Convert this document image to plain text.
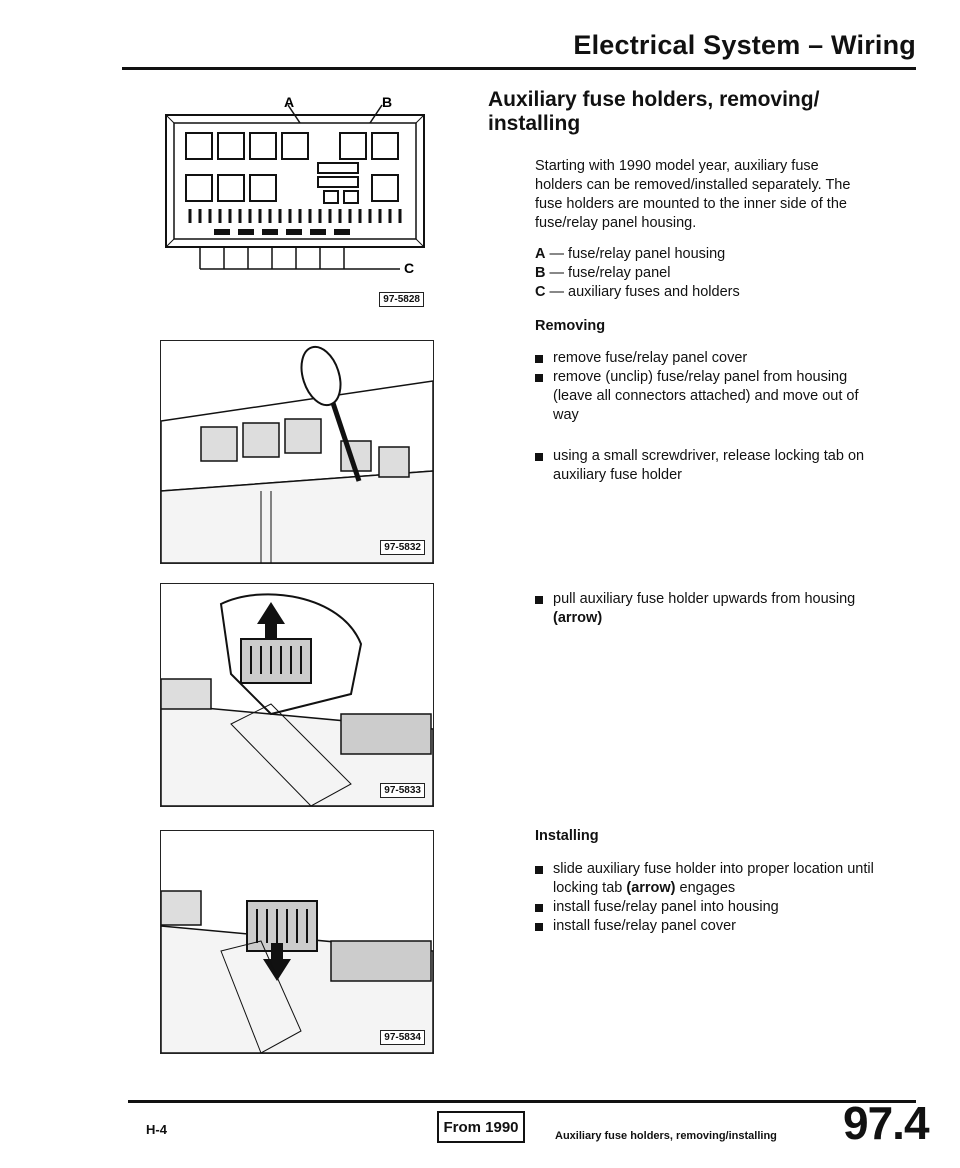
Electrical System – Wiring
A	B
C
97-5828
97-5832
97-5833
97-5834
Auxiliary fuse holders, removing/ installing
Starting with 1990 model year, auxiliary fuse holders can be removed/installed separately. The fuse holders are mounted to the inner side of the fuse/relay panel housing.
A — fuse/relay panel housing
B — fuse/relay panel
C — auxiliary fuses and holders
Removing
remove fuse/relay panel cover
remove (unclip) fuse/relay panel from housing (leave all connectors attached) and move out of way
using a small screwdriver, release locking tab on auxiliary fuse holder
pull auxiliary fuse holder upwards from housing (arrow)
Installing
slide auxiliary fuse holder into proper location until locking tab (arrow) engages
install fuse/relay panel into housing
install fuse/relay panel cover
H-4	From 1990
Auxiliary fuse holders, removing/installing 97.4
